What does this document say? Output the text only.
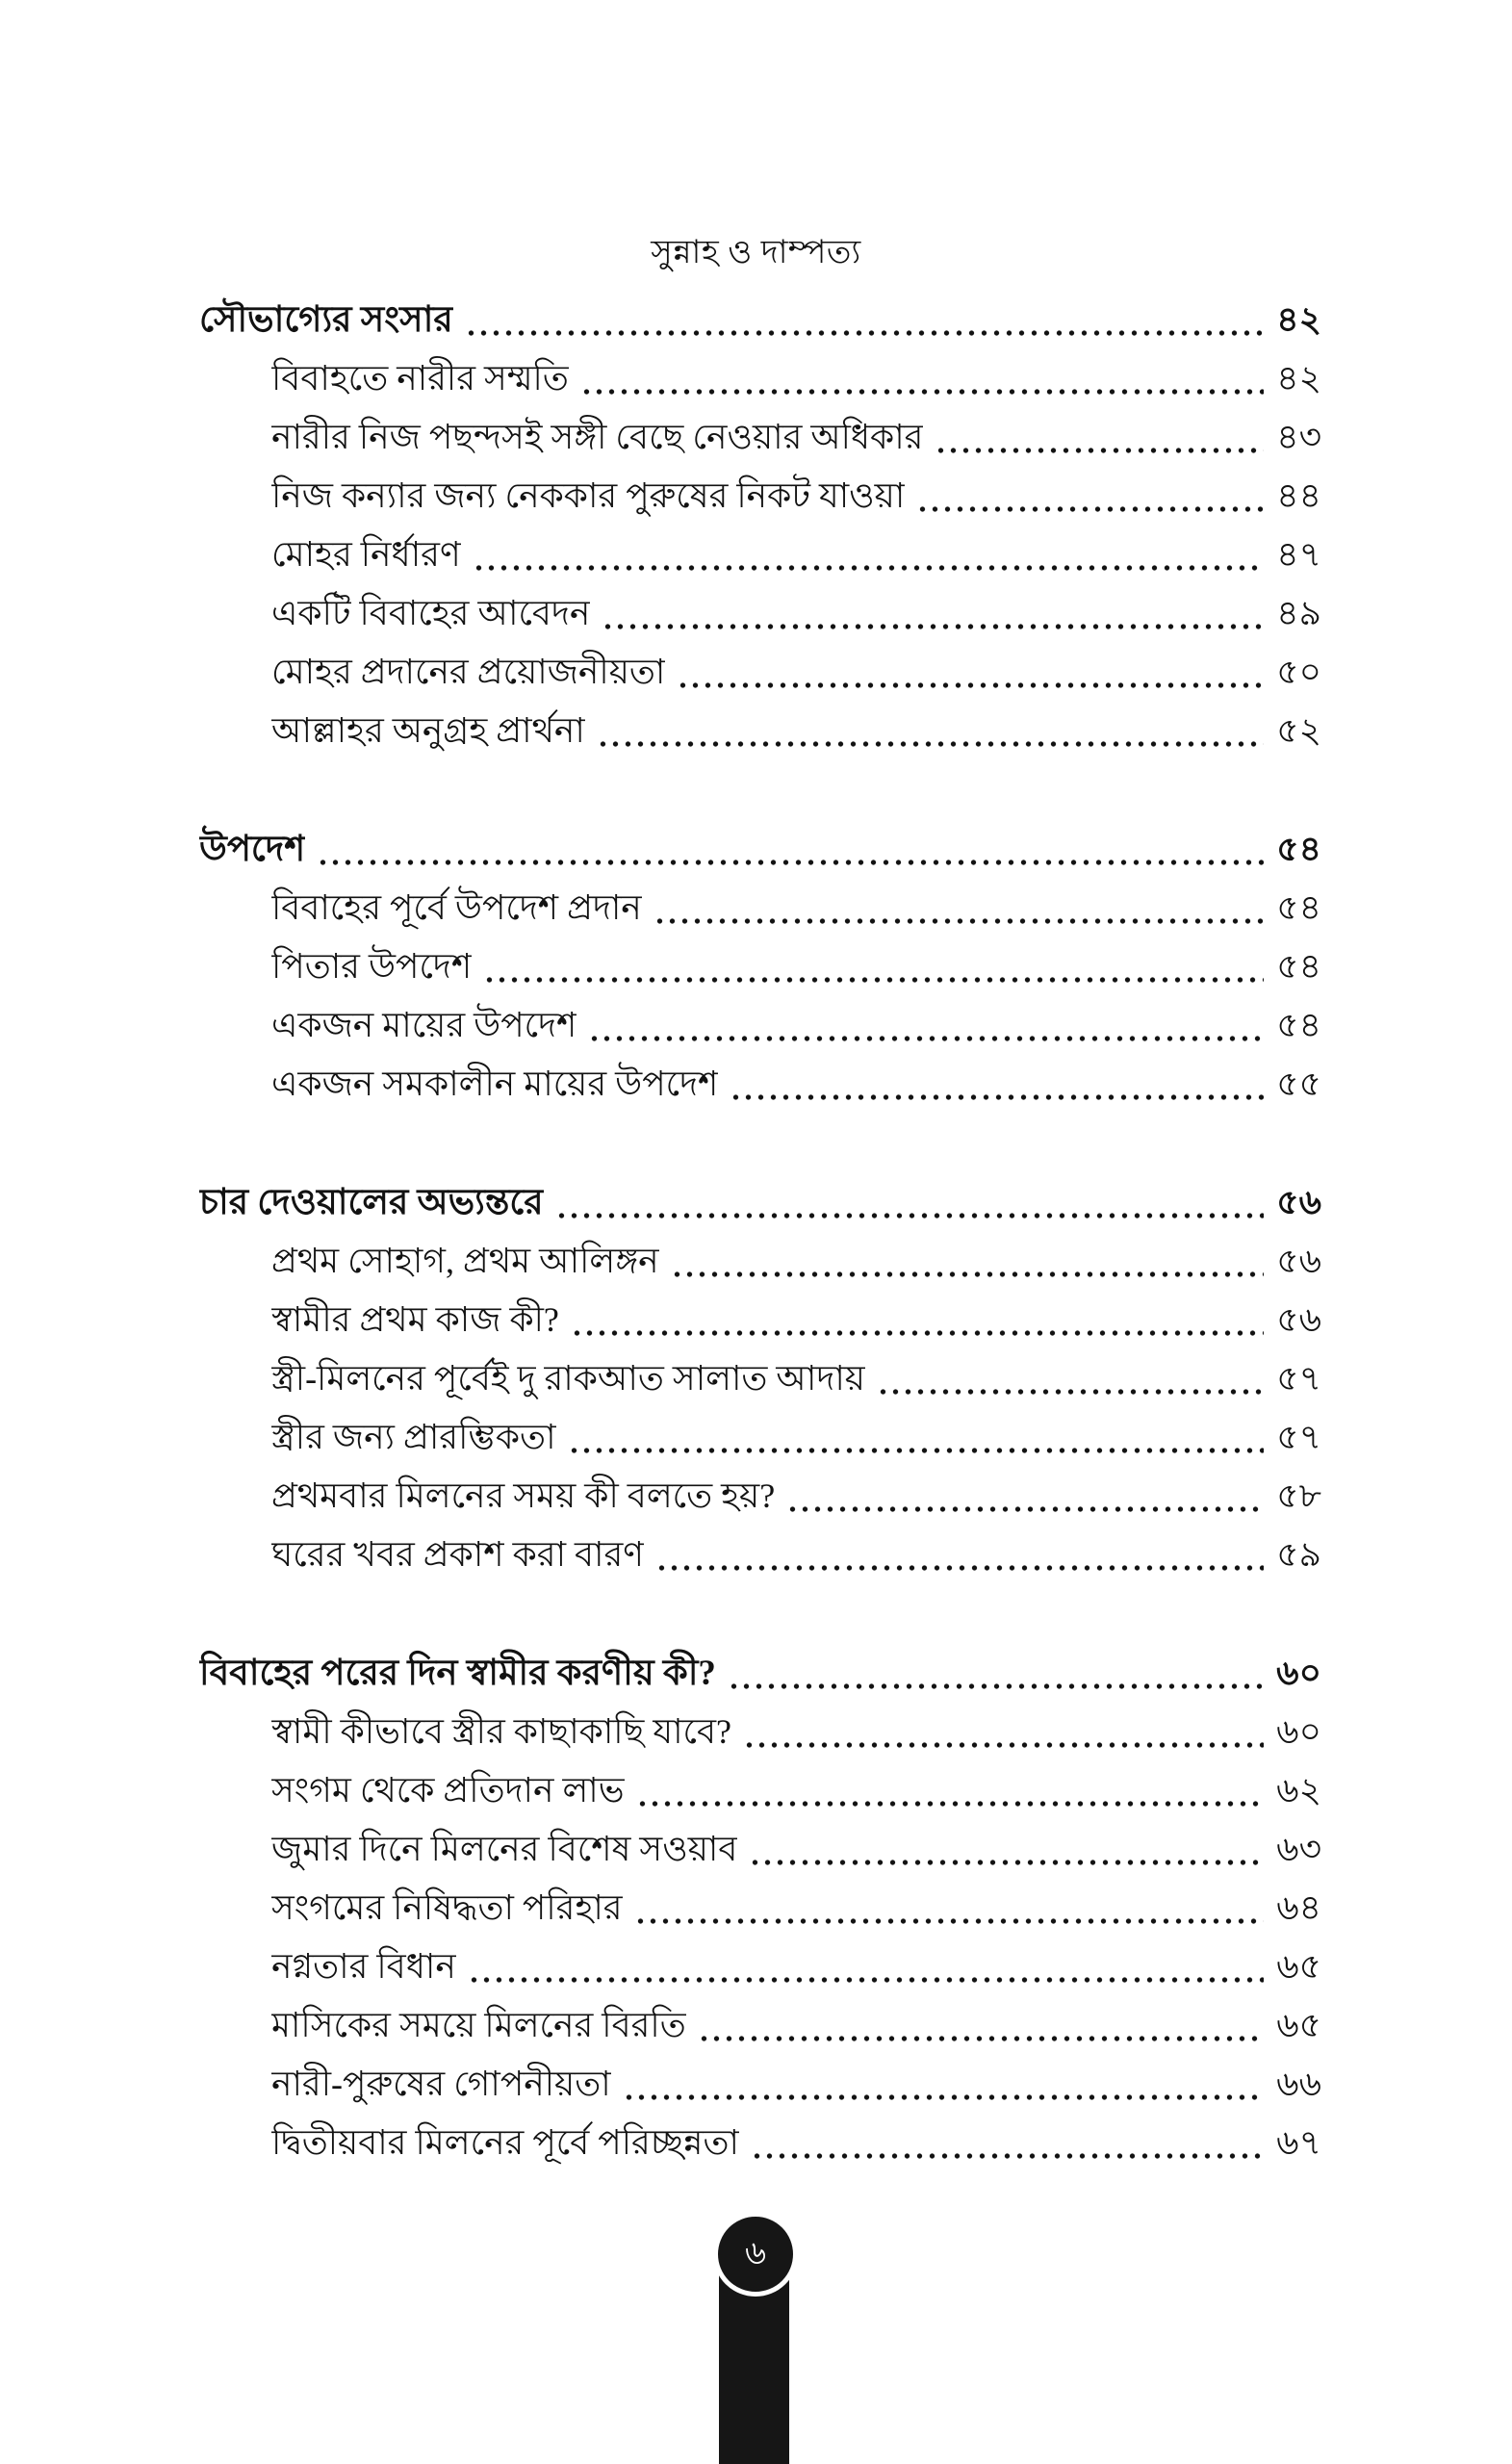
সুন্নাহ ও দাম্পত্য
সৌভাগ্যের সংসার	৪২
বিবাহতে নারীর সম্মতি	৪২
নারীর নিজ পছন্দসই সঙ্গী বেছে নেওয়ার অধিকার	৪৩
নিজ কন্যার জন্য নেককার পুরুষের নিকট যাওয়া	৪৪
মোহর নির্ধারণ	৪৭
একটি বিবাহের আবেদন	৪৯
মোহর প্রদানের প্রয়োজনীয়তা	৫০
আল্লাহর অনুগ্রহ প্রার্থনা	৫২
উপদেশ	৫৪
বিবাহের পূর্বে উপদেশ প্রদান	৫৪
পিতার উপদেশ	৫৪
একজন মায়ের উপদেশ	৫৪
একজন সমকালীন মায়ের উপদেশ	৫৫
চার দেওয়ালের অভ্যন্তরে	৫৬
প্রথম সোহাগ, প্রথম আলিঙ্গন	৫৬
স্বামীর প্রথম কাজ কী?	৫৬
স্ত্রী-মিলনের পূর্বেই দু রাকআত সালাত আদায়	৫৭
স্ত্রীর জন্য প্রারম্ভিকতা	৫৭
প্রথমবার মিলনের সময় কী বলতে হয়?	৫৮
ঘরের খবর প্রকাশ করা বারণ	৫৯
বিবাহের পরের দিন স্বামীর করণীয় কী?	৬০
স্বামী কীভাবে স্ত্রীর কাছাকাছি যাবে?	৬০
সংগম থেকে প্রতিদান লাভ	৬২
জুমার দিনে মিলনের বিশেষ সওয়াব	৬৩
সংগমের নিষিদ্ধতা পরিহার	৬৪
নগ্নতার বিধান	৬৫
মাসিকের সময়ে মিলনের বিরতি	৬৫
নারী-পুরুষের গোপনীয়তা	৬৬
দ্বিতীয়বার মিলনের পূর্বে পরিচ্ছন্নতা	৬৭
৬
